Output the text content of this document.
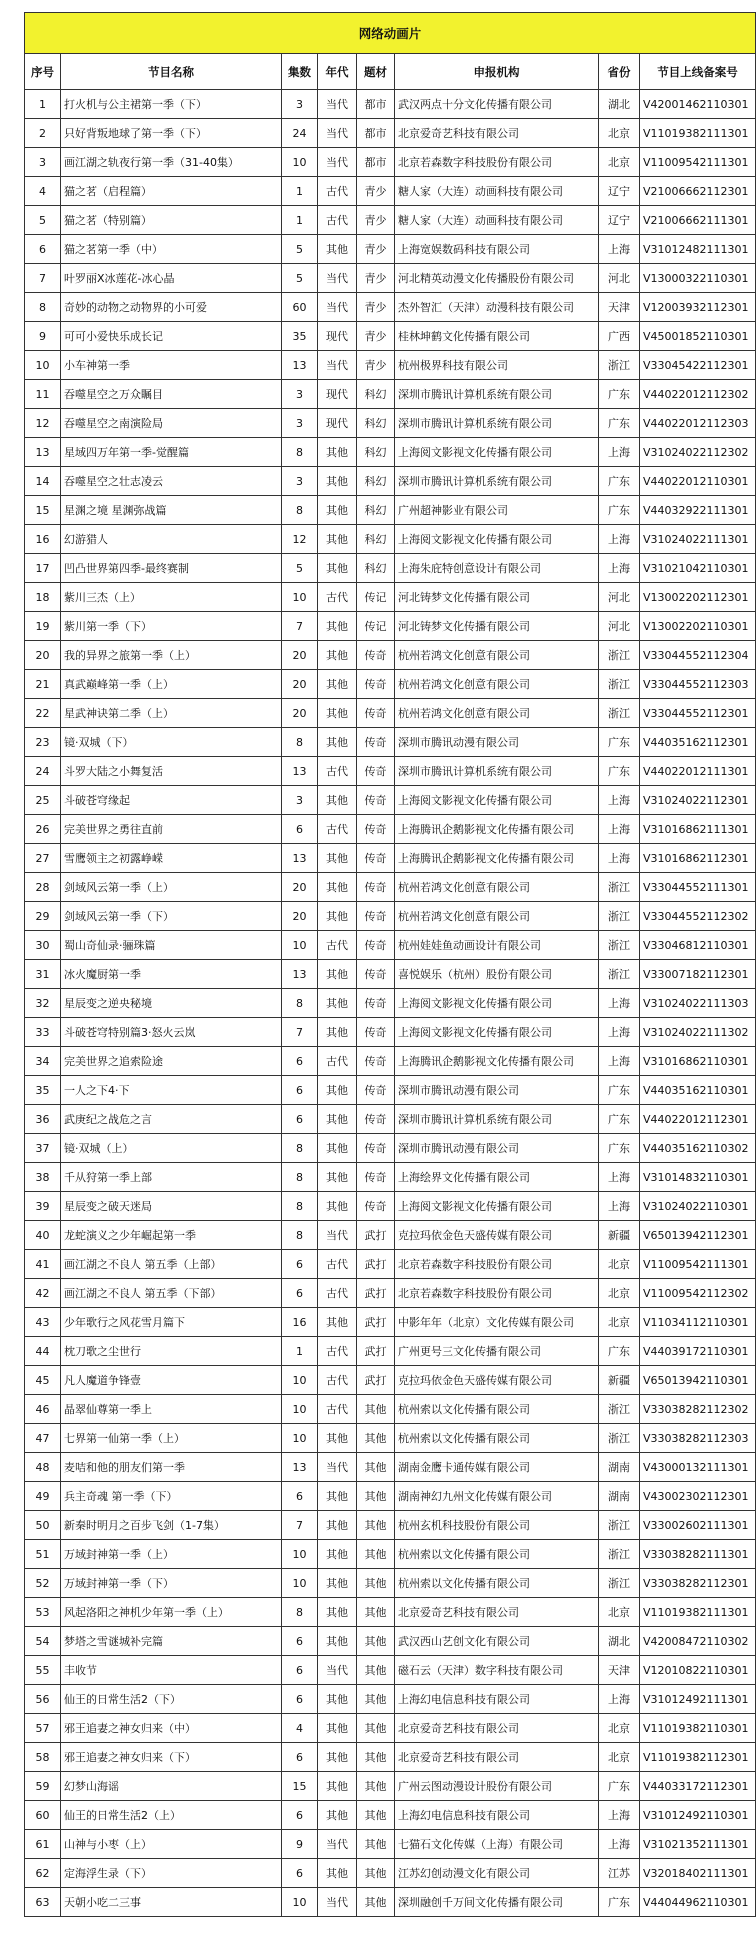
网络动画片							
序号	节目名称	集数	年代	题材	申报机构	省份	节目上线备案号
1	打火机与公主裙第一季（下）	3	当代	都市	武汉两点十分文化传播有限公司	湖北	V42001462110301
2	只好背叛地球了第一季（下）	24	当代	都市	北京爱奇艺科技有限公司	北京	V11019382111301
3	画江湖之轨夜行第一季（31-40集）	10	当代	都市	北京若森数字科技股份有限公司	北京	V11009542111301
4	猫之茗（启程篇）	1	古代	青少	糖人家（大连）动画科技有限公司	辽宁	V21006662112301
5	猫之茗（特别篇）	1	古代	青少	糖人家（大连）动画科技有限公司	辽宁	V21006662111301
6	猫之茗第一季（中）	5	其他	青少	上海宽娱数码科技有限公司	上海	V31012482111301
7	叶罗丽X冰莲花-冰心晶	5	当代	青少	河北精英动漫文化传播股份有限公司	河北	V13000322110301
8	奇妙的动物之动物界的小可爱	60	当代	青少	杰外智汇（天津）动漫科技有限公司	天津	V12003932112301
9	可可小爱快乐成长记	35	现代	青少	桂林坤鹤文化传播有限公司	广西	V45001852110301
10	小车神第一季	13	当代	青少	杭州极界科技有限公司	浙江	V33045422112301
11	吞噬星空之万众瞩目	3	现代	科幻	深圳市腾讯计算机系统有限公司	广东	V44022012112302
12	吞噬星空之南演险局	3	现代	科幻	深圳市腾讯计算机系统有限公司	广东	V44022012112303
13	星域四万年第一季-觉醒篇	8	其他	科幻	上海阅文影视文化传播有限公司	上海	V31024022112302
14	吞噬星空之壮志凌云	3	其他	科幻	深圳市腾讯计算机系统有限公司	广东	V44022012110301
15	星渊之境 星渊弥战篇	8	其他	科幻	广州超神影业有限公司	广东	V44032922111301
16	幻游猎人	12	其他	科幻	上海阅文影视文化传播有限公司	上海	V31024022111301
17	凹凸世界第四季-最终赛制	5	其他	科幻	上海朱庇特创意设计有限公司	上海	V31021042110301
18	紫川三杰（上）	10	古代	传记	河北铸梦文化传播有限公司	河北	V13002202112301
19	紫川第一季（下）	7	其他	传记	河北铸梦文化传播有限公司	河北	V13002202110301
20	我的异界之旅第一季（上）	20	其他	传奇	杭州若鸿文化创意有限公司	浙江	V33044552112304
21	真武巅峰第一季（上）	20	其他	传奇	杭州若鸿文化创意有限公司	浙江	V33044552112303
22	星武神诀第二季（上）	20	其他	传奇	杭州若鸿文化创意有限公司	浙江	V33044552112301
23	镜·双城（下）	8	其他	传奇	深圳市腾讯动漫有限公司	广东	V44035162112301
24	斗罗大陆之小舞复活	13	古代	传奇	深圳市腾讯计算机系统有限公司	广东	V44022012111301
25	斗破苍穹缘起	3	其他	传奇	上海阅文影视文化传播有限公司	上海	V31024022112301
26	完美世界之勇往直前	6	古代	传奇	上海腾讯企鹅影视文化传播有限公司	上海	V31016862111301
27	雪鹰领主之初露峥嵘	13	其他	传奇	上海腾讯企鹅影视文化传播有限公司	上海	V31016862112301
28	剑域风云第一季（上）	20	其他	传奇	杭州若鸿文化创意有限公司	浙江	V33044552111301
29	剑域风云第一季（下）	20	其他	传奇	杭州若鸿文化创意有限公司	浙江	V33044552112302
30	蜀山奇仙录·骊珠篇	10	古代	传奇	杭州娃娃鱼动画设计有限公司	浙江	V33046812110301
31	冰火魔厨第一季	13	其他	传奇	喜悦娱乐（杭州）股份有限公司	浙江	V33007182112301
32	星辰变之逆央秘境	8	其他	传奇	上海阅文影视文化传播有限公司	上海	V31024022111303
33	斗破苍穹特别篇3·怒火云岚	7	其他	传奇	上海阅文影视文化传播有限公司	上海	V31024022111302
34	完美世界之追索险途	6	古代	传奇	上海腾讯企鹅影视文化传播有限公司	上海	V31016862110301
35	一人之下4·下	6	其他	传奇	深圳市腾讯动漫有限公司	广东	V44035162110301
36	武庚纪之战危之言	6	其他	传奇	深圳市腾讯计算机系统有限公司	广东	V44022012112301
37	镜·双城（上）	8	其他	传奇	深圳市腾讯动漫有限公司	广东	V44035162110302
38	千从狩第一季上部	8	其他	传奇	上海绘界文化传播有限公司	上海	V31014832110301
39	星辰变之破天迷局	8	其他	传奇	上海阅文影视文化传播有限公司	上海	V31024022110301
40	龙蛇演义之少年崛起第一季	8	当代	武打	克拉玛依金色天盛传媒有限公司	新疆	V65013942112301
41	画江湖之不良人 第五季（上部）	6	古代	武打	北京若森数字科技股份有限公司	北京	V11009542111301
42	画江湖之不良人 第五季（下部）	6	古代	武打	北京若森数字科技股份有限公司	北京	V11009542112302
43	少年歌行之风花雪月篇下	16	其他	武打	中影年年（北京）文化传媒有限公司	北京	V11034112110301
44	枕刀歌之尘世行	1	古代	武打	广州更号三文化传播有限公司	广东	V44039172110301
45	凡人魔道争锋壹	10	古代	武打	克拉玛依金色天盛传媒有限公司	新疆	V65013942110301
46	晶翠仙尊第一季上	10	古代	其他	杭州索以文化传播有限公司	浙江	V33038282112302
47	七界第一仙第一季（上）	10	其他	其他	杭州索以文化传播有限公司	浙江	V33038282112303
48	麦咭和他的朋友们第一季	13	当代	其他	湖南金鹰卡通传媒有限公司	湖南	V43000132111301
49	兵主奇魂 第一季（下）	6	其他	其他	湖南神幻九州文化传媒有限公司	湖南	V43002302112301
50	新秦时明月之百步飞剑（1-7集）	7	其他	其他	杭州玄机科技股份有限公司	浙江	V33002602111301
51	万域封神第一季（上）	10	其他	其他	杭州索以文化传播有限公司	浙江	V33038282111301
52	万域封神第一季（下）	10	其他	其他	杭州索以文化传播有限公司	浙江	V33038282112301
53	风起洛阳之神机少年第一季（上）	8	其他	其他	北京爱奇艺科技有限公司	北京	V11019382111301
54	梦塔之雪谜城补完篇	6	其他	其他	武汉西山艺创文化有限公司	湖北	V42008472110302
55	丰收节	6	当代	其他	磁石云（天津）数字科技有限公司	天津	V12010822110301
56	仙王的日常生活2（下）	6	其他	其他	上海幻电信息科技有限公司	上海	V31012492111301
57	邪王追妻之神女归来（中）	4	其他	其他	北京爱奇艺科技有限公司	北京	V11019382110301
58	邪王追妻之神女归来（下）	6	其他	其他	北京爱奇艺科技有限公司	北京	V11019382112301
59	幻梦山海谣	15	其他	其他	广州云图动漫设计股份有限公司	广东	V44033172112301
60	仙王的日常生活2（上）	6	其他	其他	上海幻电信息科技有限公司	上海	V31012492110301
61	山神与小枣（上）	9	当代	其他	七猫石文化传媒（上海）有限公司	上海	V31021352111301
62	定海浮生录（下）	6	其他	其他	江苏幻创动漫文化有限公司	江苏	V32018402111301
63	天朝小吃二三事	10	当代	其他	深圳融创千万间文化传播有限公司	广东	V44044962110301
